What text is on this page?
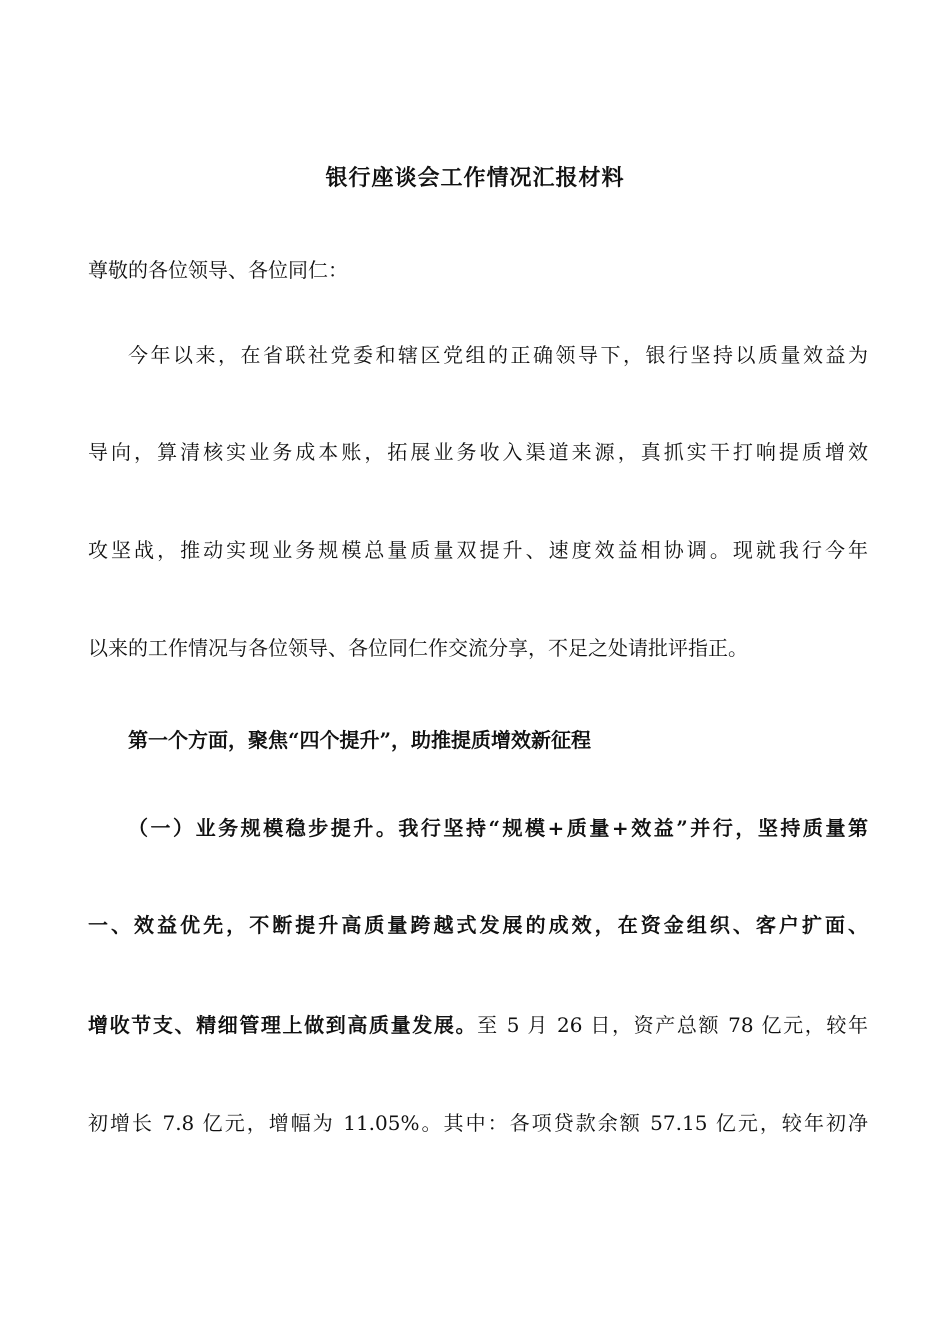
银行座谈会工作情况汇报材料
尊敬的各位领导、各位同仁：
今年以来，在省联社党委和辖区党组的正确领导下，银行坚持以质量效益为
导向，算清核实业务成本账，拓展业务收入渠道来源，真抓实干打响提质增效
攻坚战，推动实现业务规模总量质量双提升、速度效益相协调。现就我行今年
以来的工作情况与各位领导、各位同仁作交流分享，不足之处请批评指正。
第一个方面，聚焦“四个提升”，助推提质增效新征程
（一）业务规模稳步提升。我行坚持“规模+质量+效益”并行，坚持质量第
一、效益优先，不断提升高质量跨越式发展的成效，在资金组织、客户扩面、
增收节支、精细管理上做到高质量发展。至 5 月 26 日，资产总额 78 亿元，较年
初增长 7.8 亿元，增幅为 11.05%。其中：各项贷款余额 57.15 亿元，较年初净
